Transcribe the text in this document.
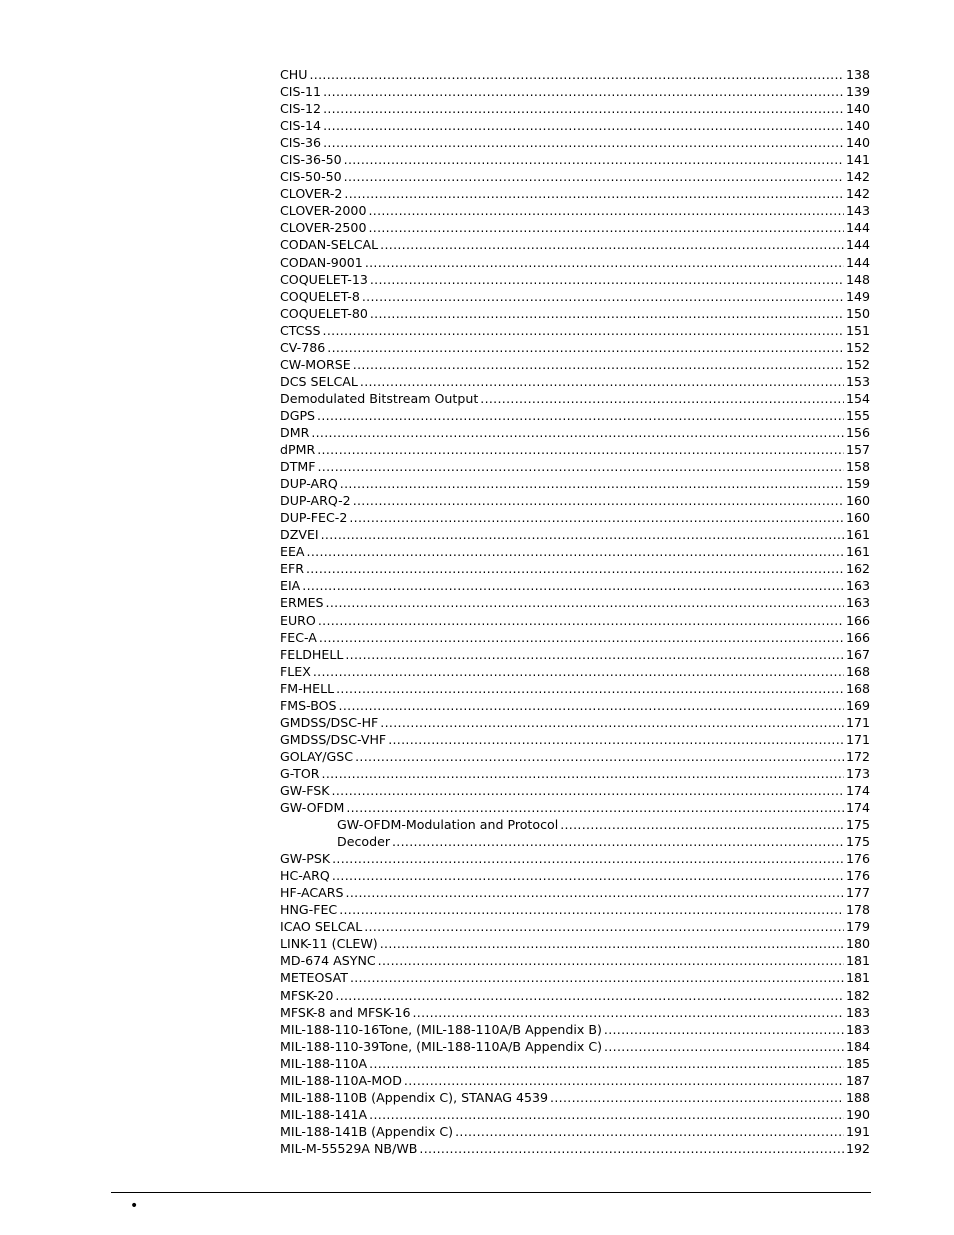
CHU .....	138
CIS-11 .....	139
CIS-12 .....	140
CIS-14 .....	140
CIS-36 .....	140
CIS-36-50 .....	141
CIS-50-50 .....	142
CLOVER-2 .....	142
CLOVER-2000 .....	143
CLOVER-2500 .....	144
CODAN-SELCAL .....	144
CODAN-9001 .....	144
COQUELET-13 .....	148
COQUELET-8 .....	149
COQUELET-80 .....	150
CTCSS .....	151
CV-786 .....	152
CW-MORSE .....	152
DCS SELCAL .....	153
Demodulated Bitstream Output .....	154
DGPS .....	155
DMR .....	156
dPMR .....	157
DTMF .....	158
DUP-ARQ .....	159
DUP-ARQ-2 .....	160
DUP-FEC-2 .....	160
DZVEI .....	161
EEA .....	161
EFR .....	162
EIA .....	163
ERMES .....	163
EURO .....	166
FEC-A .....	166
FELDHELL .....	167
FLEX .....	168
FM-HELL .....	168
FMS-BOS .....	169
GMDSS/DSC-HF .....	171
GMDSS/DSC-VHF .....	171
GOLAY/GSC .....	172
G-TOR .....	173
GW-FSK .....	174
GW-OFDM .....	174
GW-OFDM-Modulation and Protocol .....	175
Decoder .....	175
GW-PSK .....	176
HC-ARQ .....	176
HF-ACARS .....	177
HNG-FEC .....	178
ICAO SELCAL .....	179
LINK-11 (CLEW) .....	180
MD-674 ASYNC .....	181
METEOSAT .....	181
MFSK-20 .....	182
MFSK-8 and MFSK-16 .....	183
MIL-188-110-16Tone, (MIL-188-110A/B Appendix B) .....	183
MIL-188-110-39Tone, (MIL-188-110A/B Appendix C) .....	184
MIL-188-110A .....	185
MIL-188-110A-MOD .....	187
MIL-188-110B (Appendix C), STANAG 4539 .....	188
MIL-188-141A .....	190
MIL-188-141B (Appendix C) .....	191
MIL-M-55529A NB/WB .....	192
•
